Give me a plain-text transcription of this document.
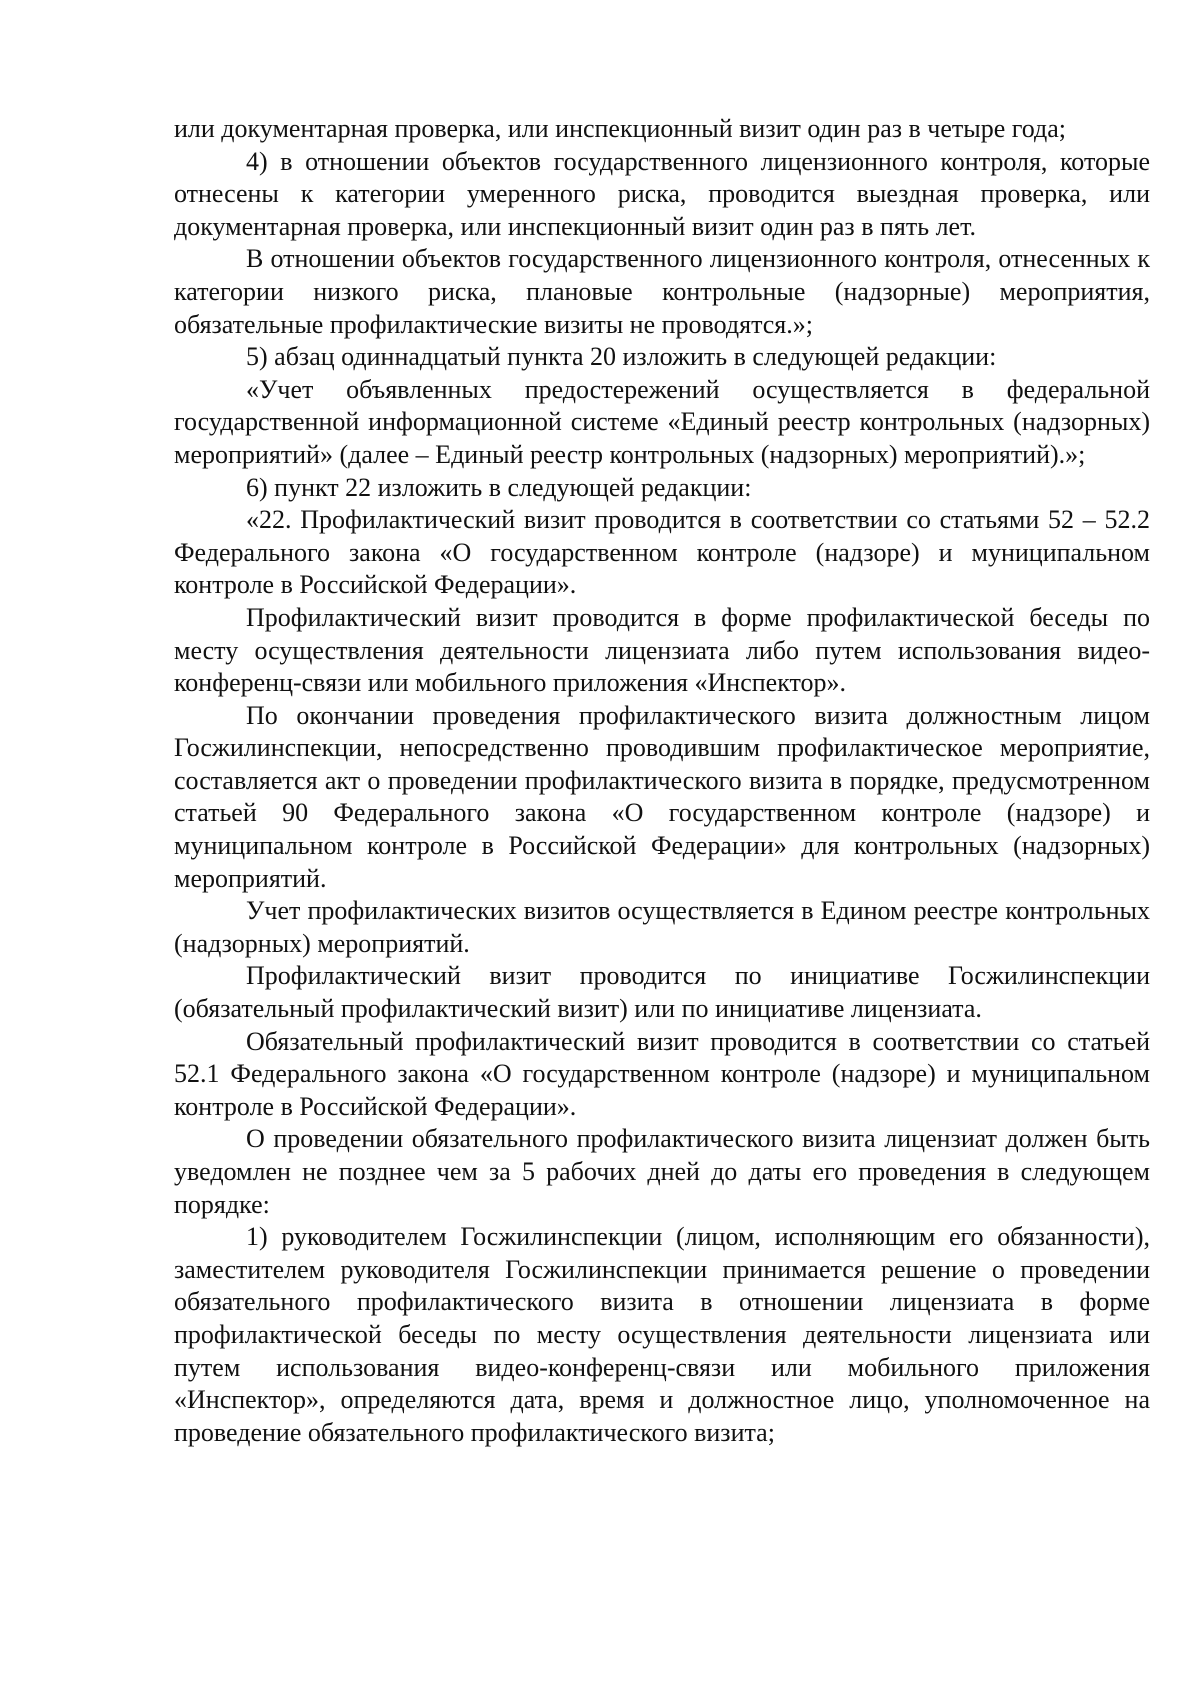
или документарная проверка, или инспекционный визит один раз в четыре года;

4) в отношении объектов государственного лицензионного контроля, которые отнесены к категории умеренного риска, проводится выездная проверка, или документарная проверка, или инспекционный визит один раз в пять лет.

В отношении объектов государственного лицензионного контроля, отнесенных к категории низкого риска, плановые контрольные (надзорные) мероприятия, обязательные профилактические визиты не проводятся.»;

5) абзац одиннадцатый пункта 20 изложить в следующей редакции:

«Учет объявленных предостережений осуществляется в федеральной государственной информационной системе «Единый реестр контрольных (надзорных) мероприятий» (далее – Единый реестр контрольных (надзорных) мероприятий).»;

6) пункт 22 изложить в следующей редакции:

«22. Профилактический визит проводится в соответствии со статьями 52 – 52.2 Федерального закона «О государственном контроле (надзоре) и муниципальном контроле в Российской Федерации».

Профилактический визит проводится в форме профилактической беседы по месту осуществления деятельности лицензиата либо путем использования видео-конференц-связи или мобильного приложения «Инспектор».

По окончании проведения профилактического визита должностным лицом Госжилинспекции, непосредственно проводившим профилактическое мероприятие, составляется акт о проведении профилактического визита в порядке, предусмотренном статьей 90 Федерального закона «О государственном контроле (надзоре) и муниципальном контроле в Российской Федерации» для контрольных (надзорных) мероприятий.

Учет профилактических визитов осуществляется в Едином реестре контрольных (надзорных) мероприятий.

Профилактический визит проводится по инициативе Госжилинспекции (обязательный профилактический визит) или по инициативе лицензиата.

Обязательный профилактический визит проводится в соответствии со статьей 52.1 Федерального закона «О государственном контроле (надзоре) и муниципальном контроле в Российской Федерации».

О проведении обязательного профилактического визита лицензиат должен быть уведомлен не позднее чем за 5 рабочих дней до даты его проведения в следующем порядке:

1) руководителем Госжилинспекции (лицом, исполняющим его обязанности), заместителем руководителя Госжилинспекции принимается решение о проведении обязательного профилактического визита в отношении лицензиата в форме профилактической беседы по месту осуществления деятельности лицензиата или путем использования видео-конференц-связи или мобильного приложения «Инспектор», определяются дата, время и должностное лицо, уполномоченное на проведение обязательного профилактического визита;
